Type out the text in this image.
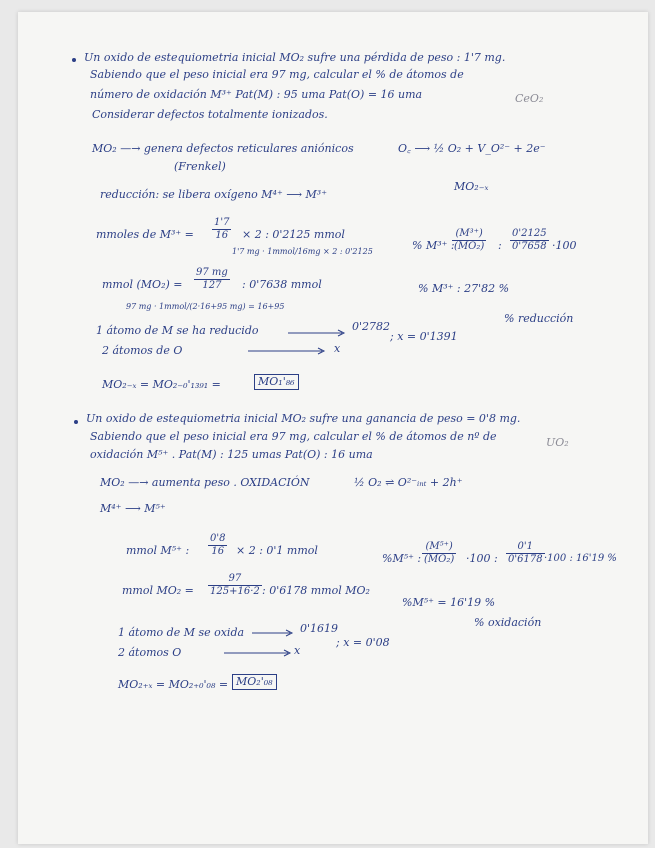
Un oxido de estequiometria inicial MO₂ sufre una pérdida de peso : 1'7 mg.
Sabiendo que el peso inicial era 97 mg, calcular el % de átomos de
número de oxidación M³⁺ Pat(M) : 95 uma Pat(O) = 16 uma	CeO₂
Considerar defectos totalmente ionizados.
MO₂ —→ genera defectos reticulares aniónicos
(Frenkel)
O꜀ ⟶ ½ O₂ + V_O²⁻ + 2e⁻
reducción: se libera oxígeno M⁴⁺ ⟶ M³⁺
MO₂₋ₓ
mmoles de $M^{3+} = \frac{1'7}{16} \times 2$ : 0'2125 mmol
1'7 mg · 1mmol/16mg × 2 : 0'2125	% M³⁺ :
$\frac{\text{(M³⁺)}}{\text{(MO₂)}}$ : $\frac{0'2125}{0'7658} \cdot 100$
mmol $(MO_2) = \frac{97 mg}{127}$ : 0'7638 mmol
97 mg · 1mmol/(2·16+95 mg) = 16+95
% M³⁺ : 27'82 %
1 átomo de M se ha reducido	0'2782
% reducción
2 átomos de O	x
; x = 0'1391
MO₂₋ₓ = MO₂₋₀'₁₃₉₁ =	MO₁'₈₆
Un oxido de estequiometria inicial MO₂ sufre una ganancia de peso = 0'8 mg.
Sabiendo que el peso inicial era 97 mg, calcular el % de átomos de nº de
oxidación M⁵⁺ . Pat(M) : 125 umas Pat(O) : 16 uma
UO₂
MO₂ —→ aumenta peso . OXIDACIÓN	½ O₂ ⇌ O²⁻ᵢₙₜ + 2h⁺
M⁴⁺ ⟶ M⁵⁺
mmol M⁵⁺ : $\frac{0'8}{16} \times 2$ : 0'1 mmol
%M⁵⁺ : $\frac{\text{(M⁵⁺)}}{\text{(MO₂)}} \cdot 100$ : $\frac{0'1}{0'6178} \cdot 100$ : 16'19 %
mmol $MO_2 = \frac{97}{125+16\cdot 2}$ : 0'6178 mmol MO₂
%M⁵⁺ = 16'19 %
% oxidación
1 átomo de M se oxida	0'1619
2 átomos O	x
; x = 0'08
MO₂₊ₓ = MO₂₊₀'₀₈ = MO₂'₀₈
